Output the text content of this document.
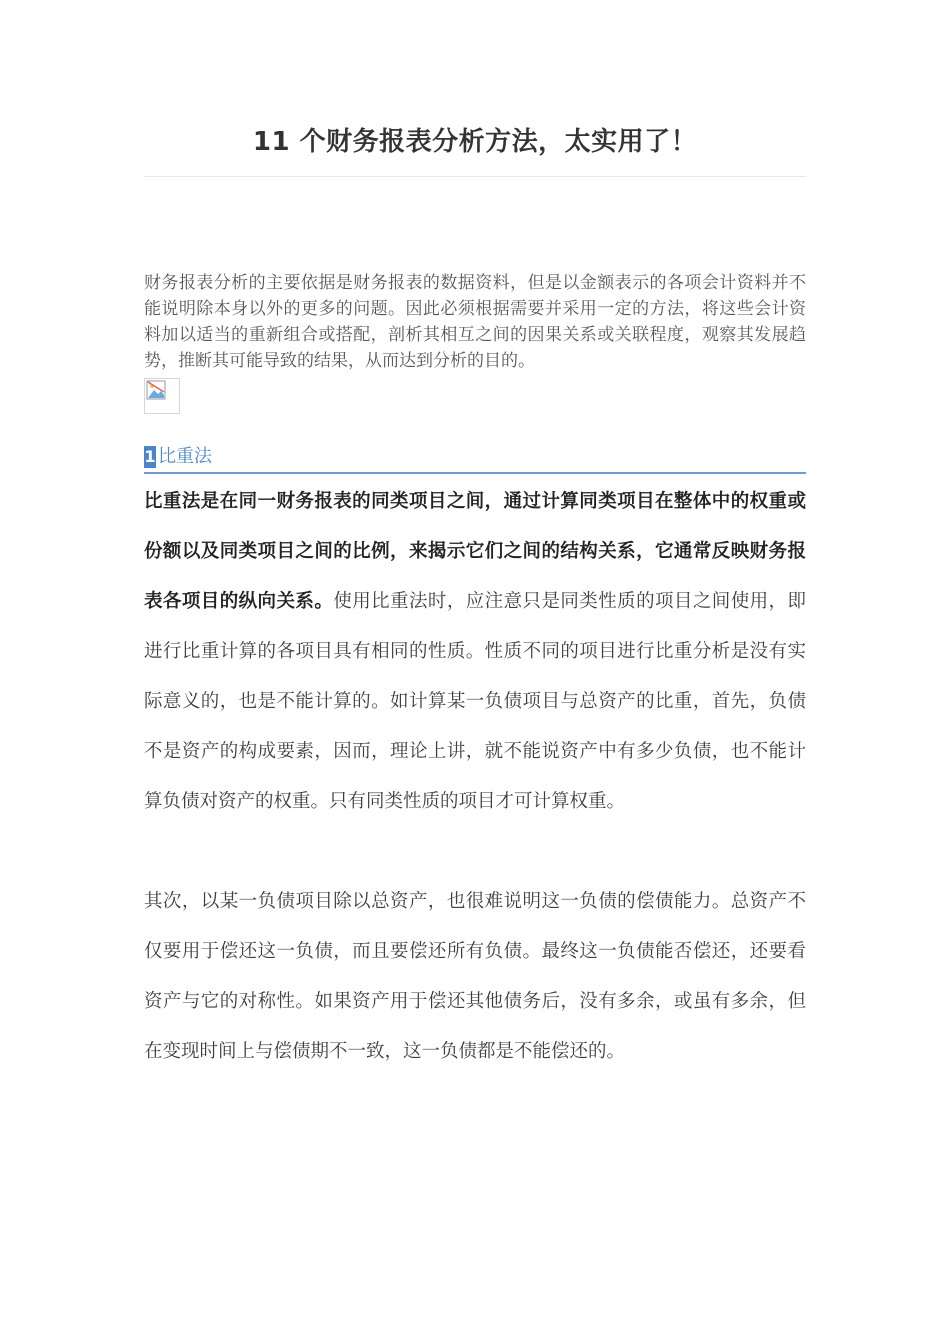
11 个财务报表分析方法，太实用了！

财务报表分析的主要依据是财务报表的数据资料，但是以金额表示的各项会计资料并不能说明除本身以外的更多的问题。因此必须根据需要并采用一定的方法，将这些会计资料加以适当的重新组合或搭配，剖析其相互之间的因果关系或关联程度，观察其发展趋势，推断其可能导致的结果，从而达到分析的目的。

1 比重法

比重法是在同一财务报表的同类项目之间，通过计算同类项目在整体中的权重或份额以及同类项目之间的比例，来揭示它们之间的结构关系，它通常反映财务报表各项目的纵向关系。使用比重法时，应注意只是同类性质的项目之间使用，即进行比重计算的各项目具有相同的性质。性质不同的项目进行比重分析是没有实际意义的，也是不能计算的。如计算某一负债项目与总资产的比重，首先，负债不是资产的构成要素，因而，理论上讲，就不能说资产中有多少负债，也不能计算负债对资产的权重。只有同类性质的项目才可计算权重。

其次，以某一负债项目除以总资产，也很难说明这一负债的偿债能力。总资产不仅要用于偿还这一负债，而且要偿还所有负债。最终这一负债能否偿还，还要看资产与它的对称性。如果资产用于偿还其他债务后，没有多余，或虽有多余，但在变现时间上与偿债期不一致，这一负债都是不能偿还的。
